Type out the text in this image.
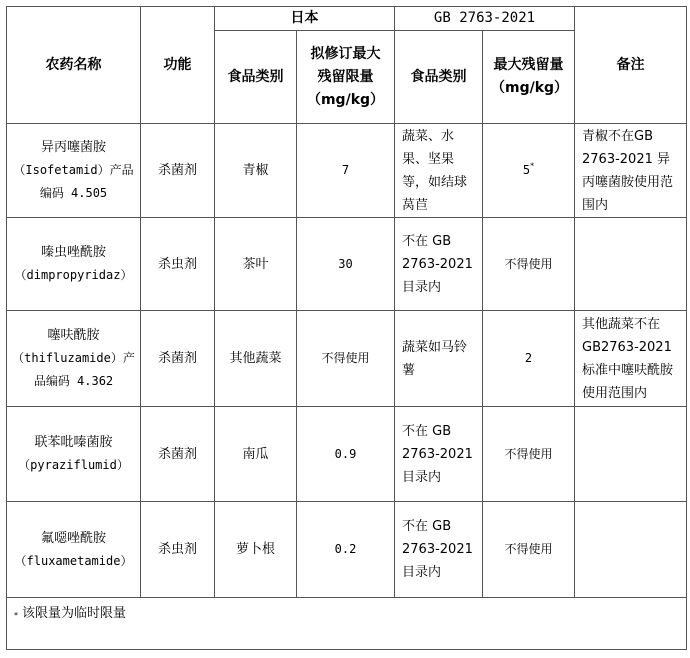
农药名称	功能	日本		GB 2763-2021		备注
		食品类别	拟修订最大残留限量（mg/kg）	食品类别	最大残留量（mg/kg）	

异丙噻菌胺
（Isofetamid）产品编码 4.505	杀菌剂	青椒	7	蔬菜、水果、坚果等，如结球莴苣	5*	青椒不在GB 2763-2021 异丙噻菌胺使用范围内

嗪虫唑酰胺
（dimpropyridaz）	杀虫剂	茶叶	30	不在 GB 2763-2021 目录内	不得使用	

噻呋酰胺
（thifluzamide）产品编码 4.362	杀菌剂	其他蔬菜	不得使用	蔬菜如马铃薯	2	其他蔬菜不在GB2763-2021标准中噻呋酰胺使用范围内

联苯吡嗪菌胺
（pyraziflumid）	杀菌剂	南瓜	0.9	不在 GB 2763-2021 目录内	不得使用	

氟噁唑酰胺
（fluxametamide）	杀虫剂	萝卜根	0.2	不在 GB 2763-2021 目录内	不得使用	
* 该限量为临时限量						
